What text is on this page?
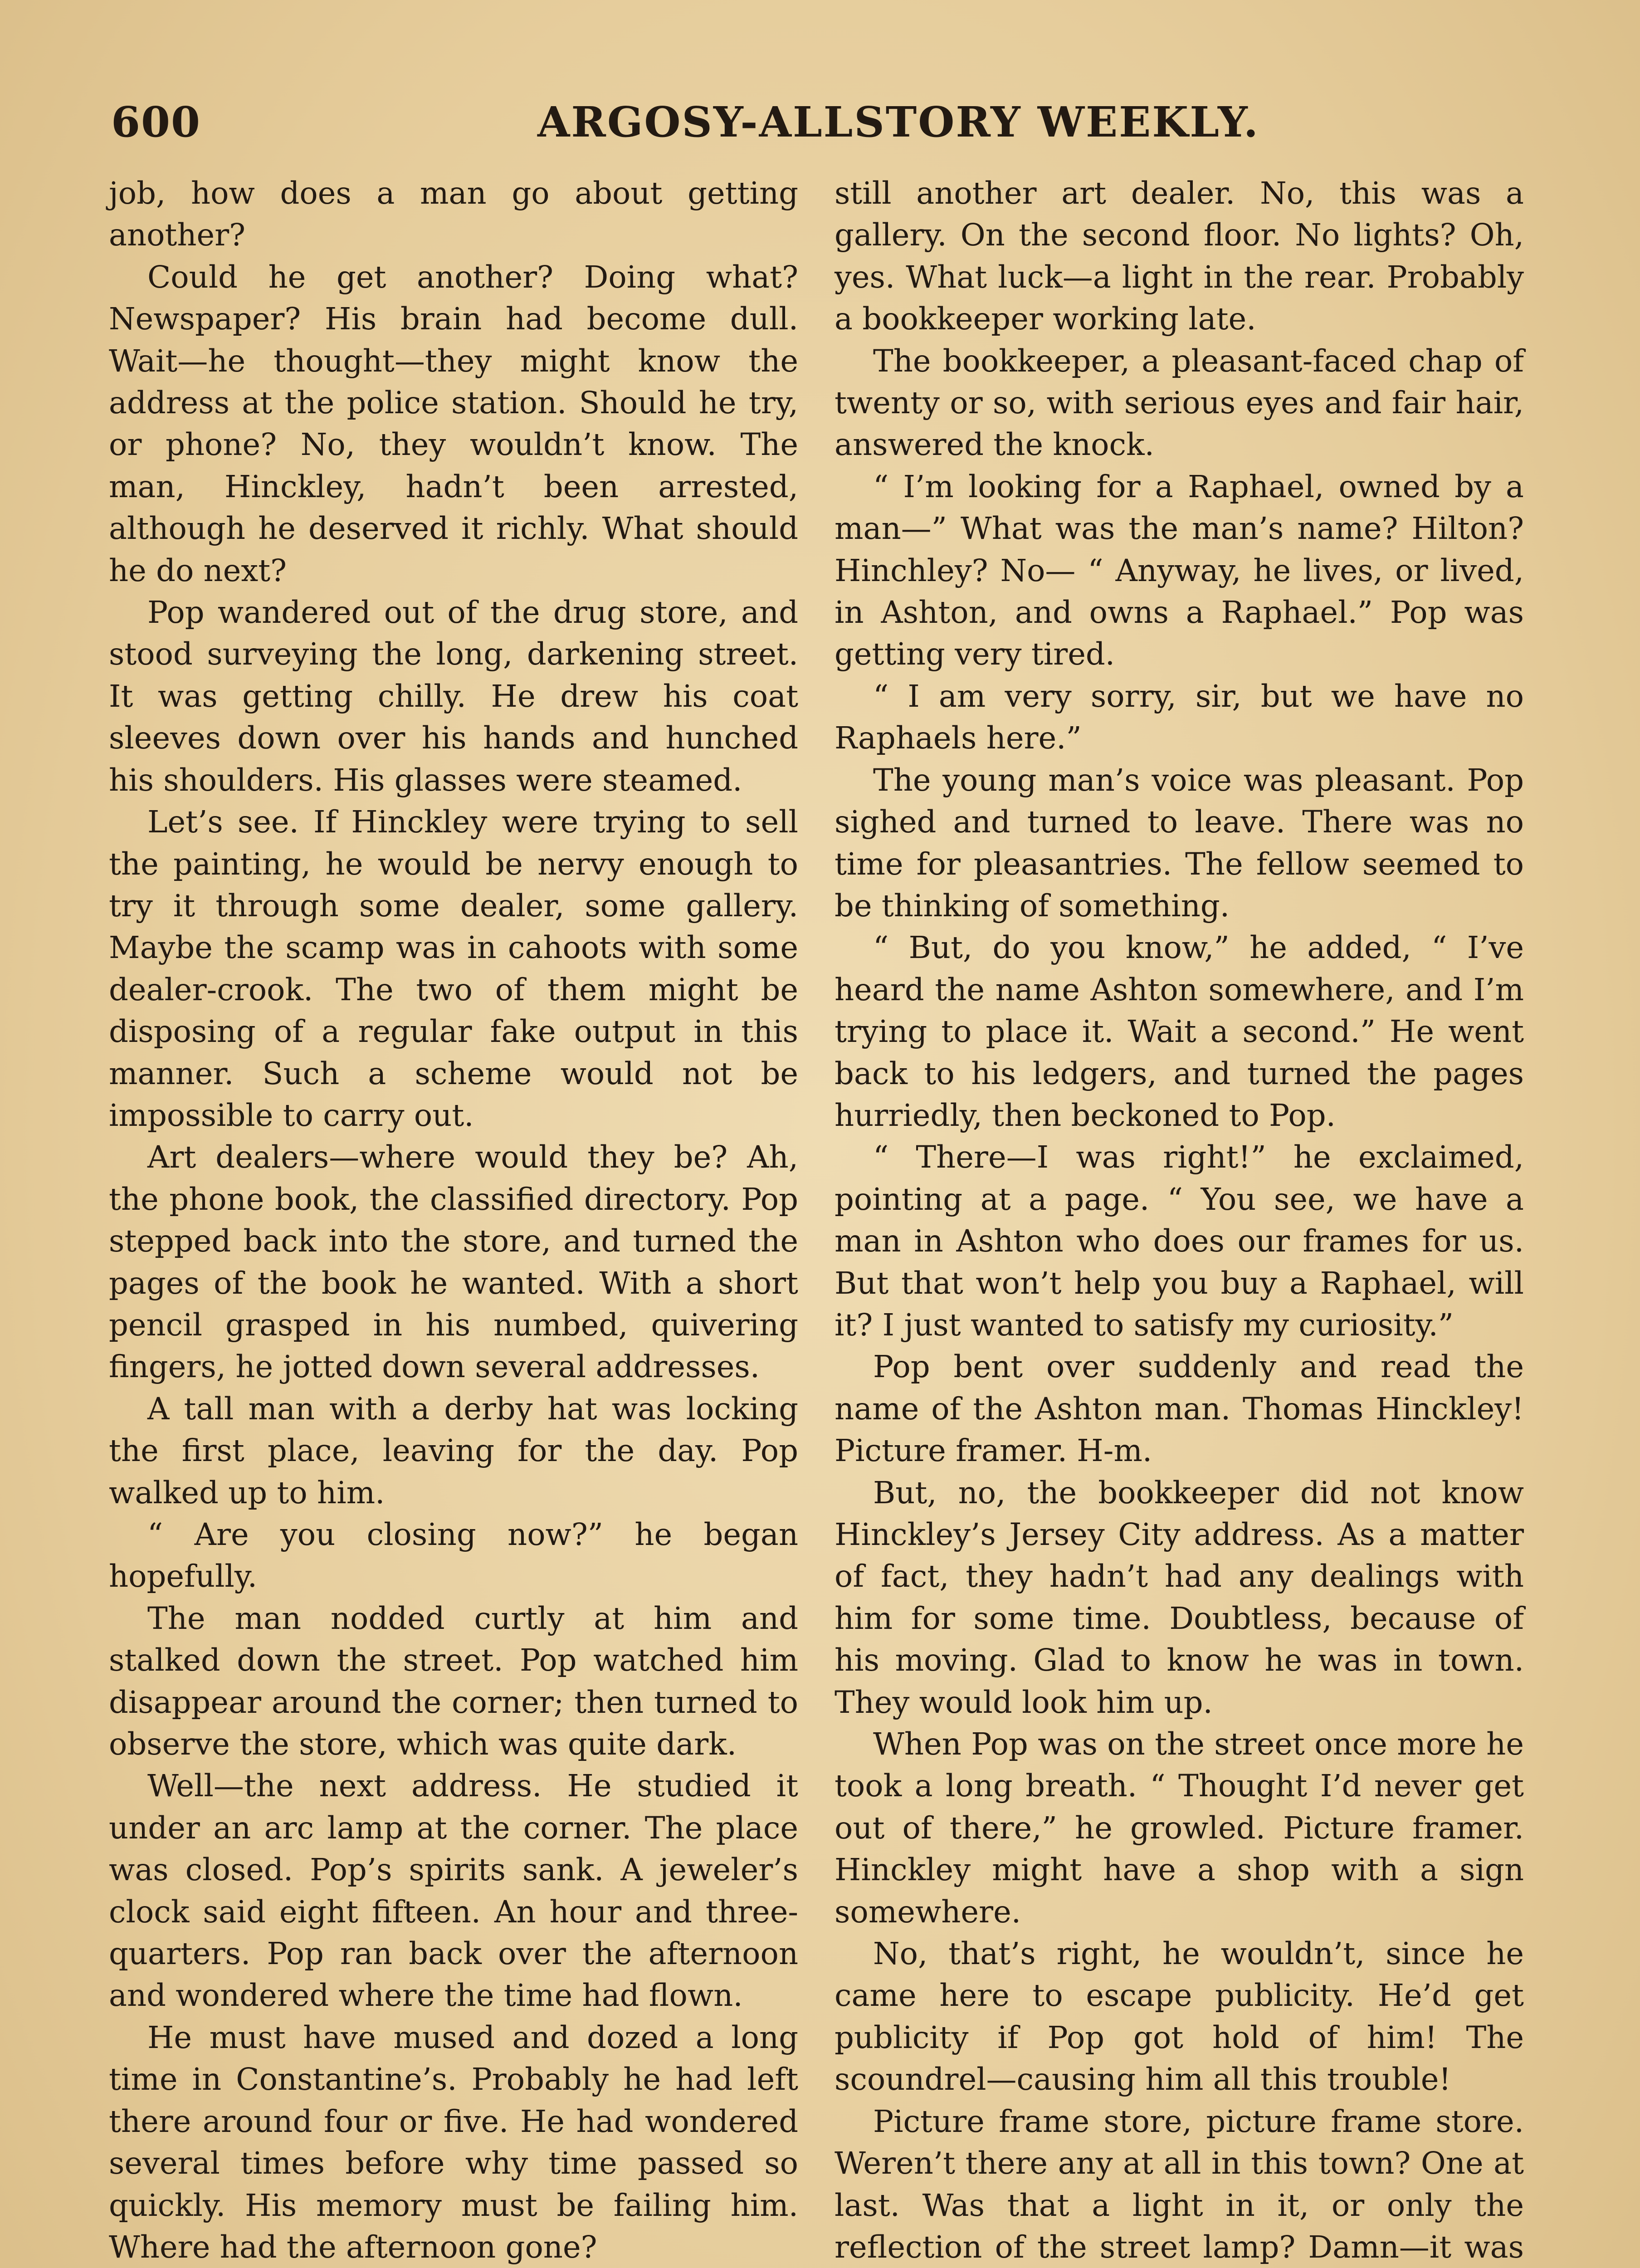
600	ARGOSY-ALLSTORY WEEKLY.

job, how does a man go about getting another?

Could he get another? Doing what? Newspaper? His brain had become dull. Wait—he thought—they might know the address at the police station. Should he try, or phone? No, they wouldn’t know. The man, Hinckley, hadn’t been arrested, although he deserved it richly. What should he do next?

Pop wandered out of the drug store, and stood surveying the long, darkening street. It was getting chilly. He drew his coat sleeves down over his hands and hunched his shoulders. His glasses were steamed.

Let’s see. If Hinckley were trying to sell the painting, he would be nervy enough to try it through some dealer, some gallery. Maybe the scamp was in cahoots with some dealer-crook. The two of them might be disposing of a regular fake output in this manner. Such a scheme would not be impossible to carry out.

Art dealers—where would they be? Ah, the phone book, the classified directory. Pop stepped back into the store, and turned the pages of the book he wanted. With a short pencil grasped in his numbed, quivering fingers, he jotted down several addresses.

A tall man with a derby hat was locking the first place, leaving for the day. Pop walked up to him.

“ Are you closing now?” he began hopefully.

The man nodded curtly at him and stalked down the street. Pop watched him disappear around the corner; then turned to observe the store, which was quite dark.

Well—the next address. He studied it under an arc lamp at the corner. The place was closed. Pop’s spirits sank. A jeweler’s clock said eight fifteen. An hour and three-quarters. Pop ran back over the afternoon and wondered where the time had flown.

He must have mused and dozed a long time in Constantine’s. Probably he had left there around four or five. He had wondered several times before why time passed so quickly. His memory must be failing him. Where had the afternoon gone?

still another art dealer. No, this was a gallery. On the second floor. No lights? Oh, yes. What luck—a light in the rear. Probably a bookkeeper working late.

The bookkeeper, a pleasant-faced chap of twenty or so, with serious eyes and fair hair, answered the knock.

“ I’m looking for a Raphael, owned by a man—” What was the man’s name? Hilton? Hinchley? No— “ Anyway, he lives, or lived, in Ashton, and owns a Raphael.” Pop was getting very tired.

“ I am very sorry, sir, but we have no Raphaels here.”

The young man’s voice was pleasant. Pop sighed and turned to leave. There was no time for pleasantries. The fellow seemed to be thinking of something.

“ But, do you know,” he added, “ I’ve heard the name Ashton somewhere, and I’m trying to place it. Wait a second.” He went back to his ledgers, and turned the pages hurriedly, then beckoned to Pop.

“ There—I was right!” he exclaimed, pointing at a page. “ You see, we have a man in Ashton who does our frames for us. But that won’t help you buy a Raphael, will it? I just wanted to satisfy my curiosity.”

Pop bent over suddenly and read the name of the Ashton man. Thomas Hinckley! Picture framer. H-m.

But, no, the bookkeeper did not know Hinckley’s Jersey City address. As a matter of fact, they hadn’t had any dealings with him for some time. Doubtless, because of his moving. Glad to know he was in town. They would look him up.

When Pop was on the street once more he took a long breath. “ Thought I’d never get out of there,” he growled. Picture framer. Hinckley might have a shop with a sign somewhere.

No, that’s right, he wouldn’t, since he came here to escape publicity. He’d get publicity if Pop got hold of him! The scoundrel—causing him all this trouble!

Picture frame store, picture frame store. Weren’t there any at all in this town? One at last. Was that a light in it, or only the reflection of the street lamp? Damn—it was
